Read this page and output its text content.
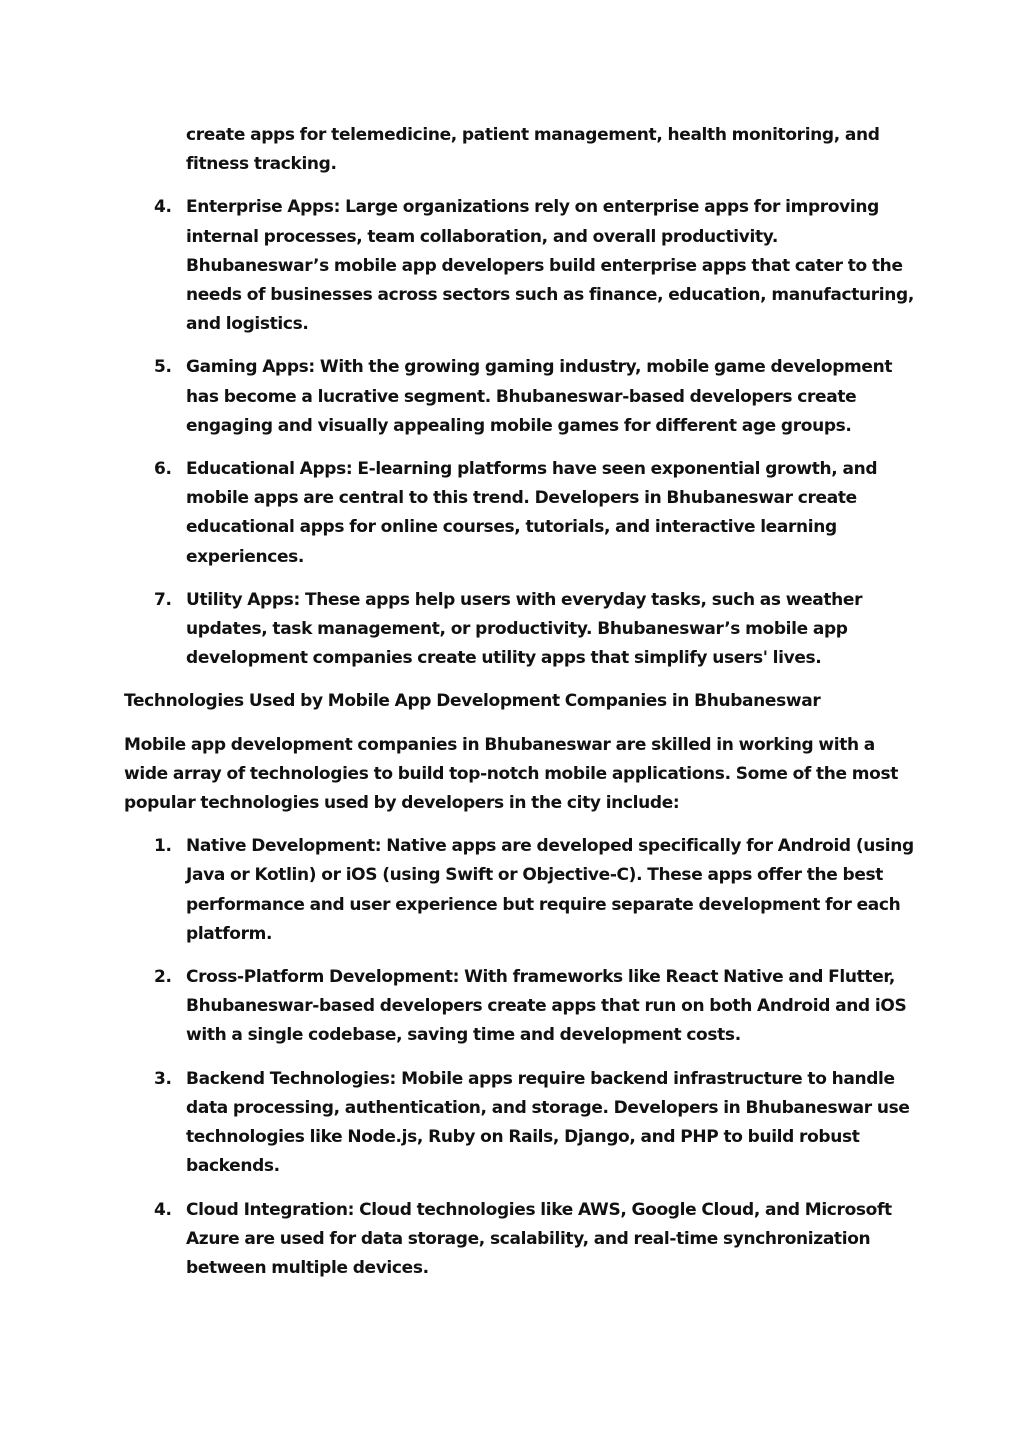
create apps for telemedicine, patient management, health monitoring, and fitness tracking.

4. Enterprise Apps: Large organizations rely on enterprise apps for improving internal processes, team collaboration, and overall productivity. Bhubaneswar’s mobile app developers build enterprise apps that cater to the needs of businesses across sectors such as finance, education, manufacturing, and logistics.
5. Gaming Apps: With the growing gaming industry, mobile game development has become a lucrative segment. Bhubaneswar-based developers create engaging and visually appealing mobile games for different age groups.
6. Educational Apps: E-learning platforms have seen exponential growth, and mobile apps are central to this trend. Developers in Bhubaneswar create educational apps for online courses, tutorials, and interactive learning experiences.
7. Utility Apps: These apps help users with everyday tasks, such as weather updates, task management, or productivity. Bhubaneswar’s mobile app development companies create utility apps that simplify users' lives.

Technologies Used by Mobile App Development Companies in Bhubaneswar

Mobile app development companies in Bhubaneswar are skilled in working with a wide array of technologies to build top-notch mobile applications. Some of the most popular technologies used by developers in the city include:

1. Native Development: Native apps are developed specifically for Android (using Java or Kotlin) or iOS (using Swift or Objective-C). These apps offer the best performance and user experience but require separate development for each platform.
2. Cross-Platform Development: With frameworks like React Native and Flutter, Bhubaneswar-based developers create apps that run on both Android and iOS with a single codebase, saving time and development costs.
3. Backend Technologies: Mobile apps require backend infrastructure to handle data processing, authentication, and storage. Developers in Bhubaneswar use technologies like Node.js, Ruby on Rails, Django, and PHP to build robust backends.
4. Cloud Integration: Cloud technologies like AWS, Google Cloud, and Microsoft Azure are used for data storage, scalability, and real-time synchronization between multiple devices.
